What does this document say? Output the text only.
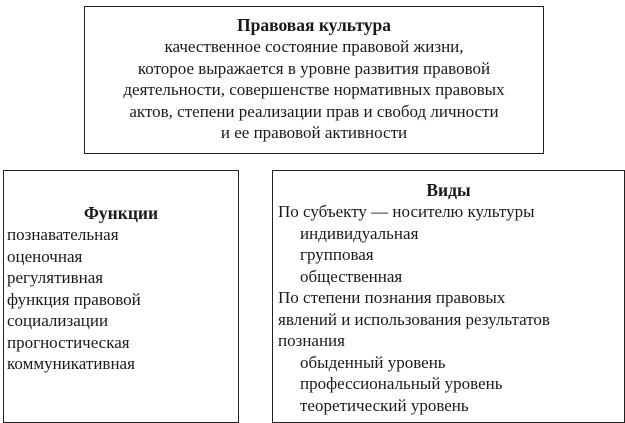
Правовая культура
качественное состояние правовой жизни,
которое выражается в уровне развития правовой
деятельности, совершенстве нормативных правовых
актов, степени реализации прав и свобод личности
и ее правовой активности
Функции
познавательная
оценочная
регулятивная
функция правовой
социализации
прогностическая
коммуникативная
Виды
По субъекту — носителю культуры
индивидуальная
групповая
общественная
По степени познания правовых
явлений и использования результатов
познания
обыденный уровень
профессиональный уровень
теоретический уровень
